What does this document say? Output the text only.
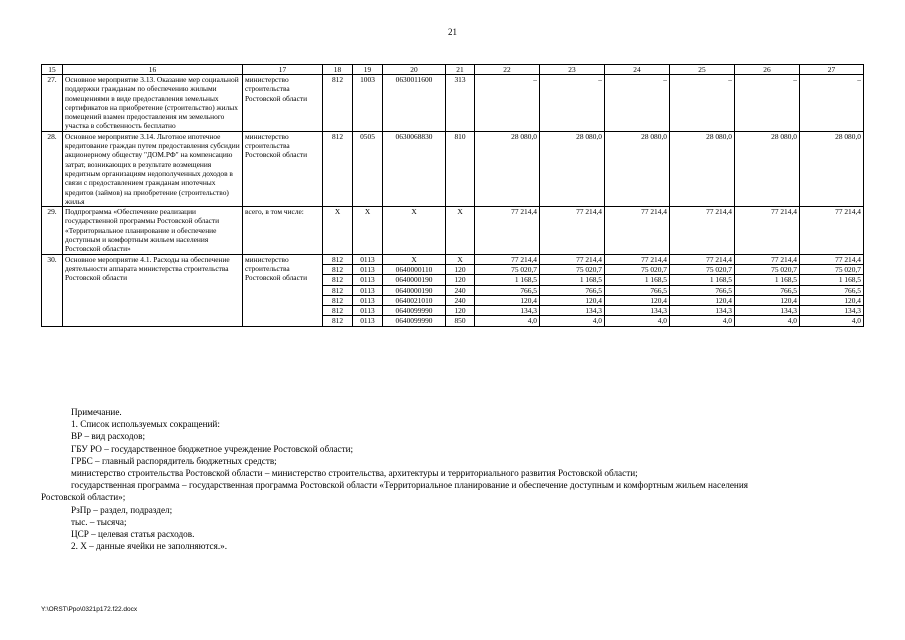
21
15	16	17	18	19	20	21	22	23	24	25	26	27
27.	Основное мероприятие 3.13. Оказание мер социальной поддержки гражданам по обеспечению жилыми помещениями в виде предоставления земельных сертификатов на приобретение (строительство) жилых помещений взамен предоставления им земельного участка в собственность бесплатно	министерство строительства Ростовской области	812	1003	0630011600	313	–	–	–	–	–	–
28.	Основное мероприятие 3.14. Льготное ипотечное кредитование граждан путем предоставления субсидии акционерному обществу "ДОМ.РФ" на компенсацию затрат, возникающих в результате возмещения кредитным организациям недополученных доходов в связи с предоставлением гражданам ипотечных кредитов (займов) на приобретение (строительство) жилья	министерство строительства Ростовской области	812	0505	0630068830	810	28 080,0	28 080,0	28 080,0	28 080,0	28 080,0	28 080,0
29.	Подпрограмма «Обеспечение реализации государственной программы Ростовской области «Территориальное планирование и обеспечение доступным и комфортным жильем населения Ростовской области»	всего, в том числе:	X	X	X	X	77 214,4	77 214,4	77 214,4	77 214,4	77 214,4	77 214,4
30.	Основное мероприятие 4.1. Расходы на обеспечение деятельности аппарата министерства строительства Ростовской области	министерство строительства Ростовской области	812	0113	X	X	77 214,4	77 214,4	77 214,4	77 214,4	77 214,4	77 214,4
			812	0113	0640000110	120	75 020,7	75 020,7	75 020,7	75 020,7	75 020,7	75 020,7
			812	0113	0640000190	120	1 168,5	1 168,5	1 168,5	1 168,5	1 168,5	1 168,5
			812	0113	0640000190	240	766,5	766,5	766,5	766,5	766,5	766,5
			812	0113	0640021010	240	120,4	120,4	120,4	120,4	120,4	120,4
			812	0113	0640099990	120	134,3	134,3	134,3	134,3	134,3	134,3
			812	0113	0640099990	850	4,0	4,0	4,0	4,0	4,0	4,0
Примечание.
1. Список используемых сокращений:
ВР – вид расходов;
ГБУ РО – государственное бюджетное учреждение Ростовской области;
ГРБС – главный распорядитель бюджетных средств;
министерство строительства Ростовской области – министерство строительства, архитектуры и территориального развития Ростовской области;
государственная программа – государственная программа Ростовской области «Территориальное планирование и обеспечение доступным и комфортным жильем населения
Ростовской области»;
РзПр – раздел, подраздел;
тыс. – тысяча;
ЦСР – целевая статья расходов.
2. Х – данные ячейки не заполняются.».
Y:\ORST\Ppo\0321p172.f22.docx
